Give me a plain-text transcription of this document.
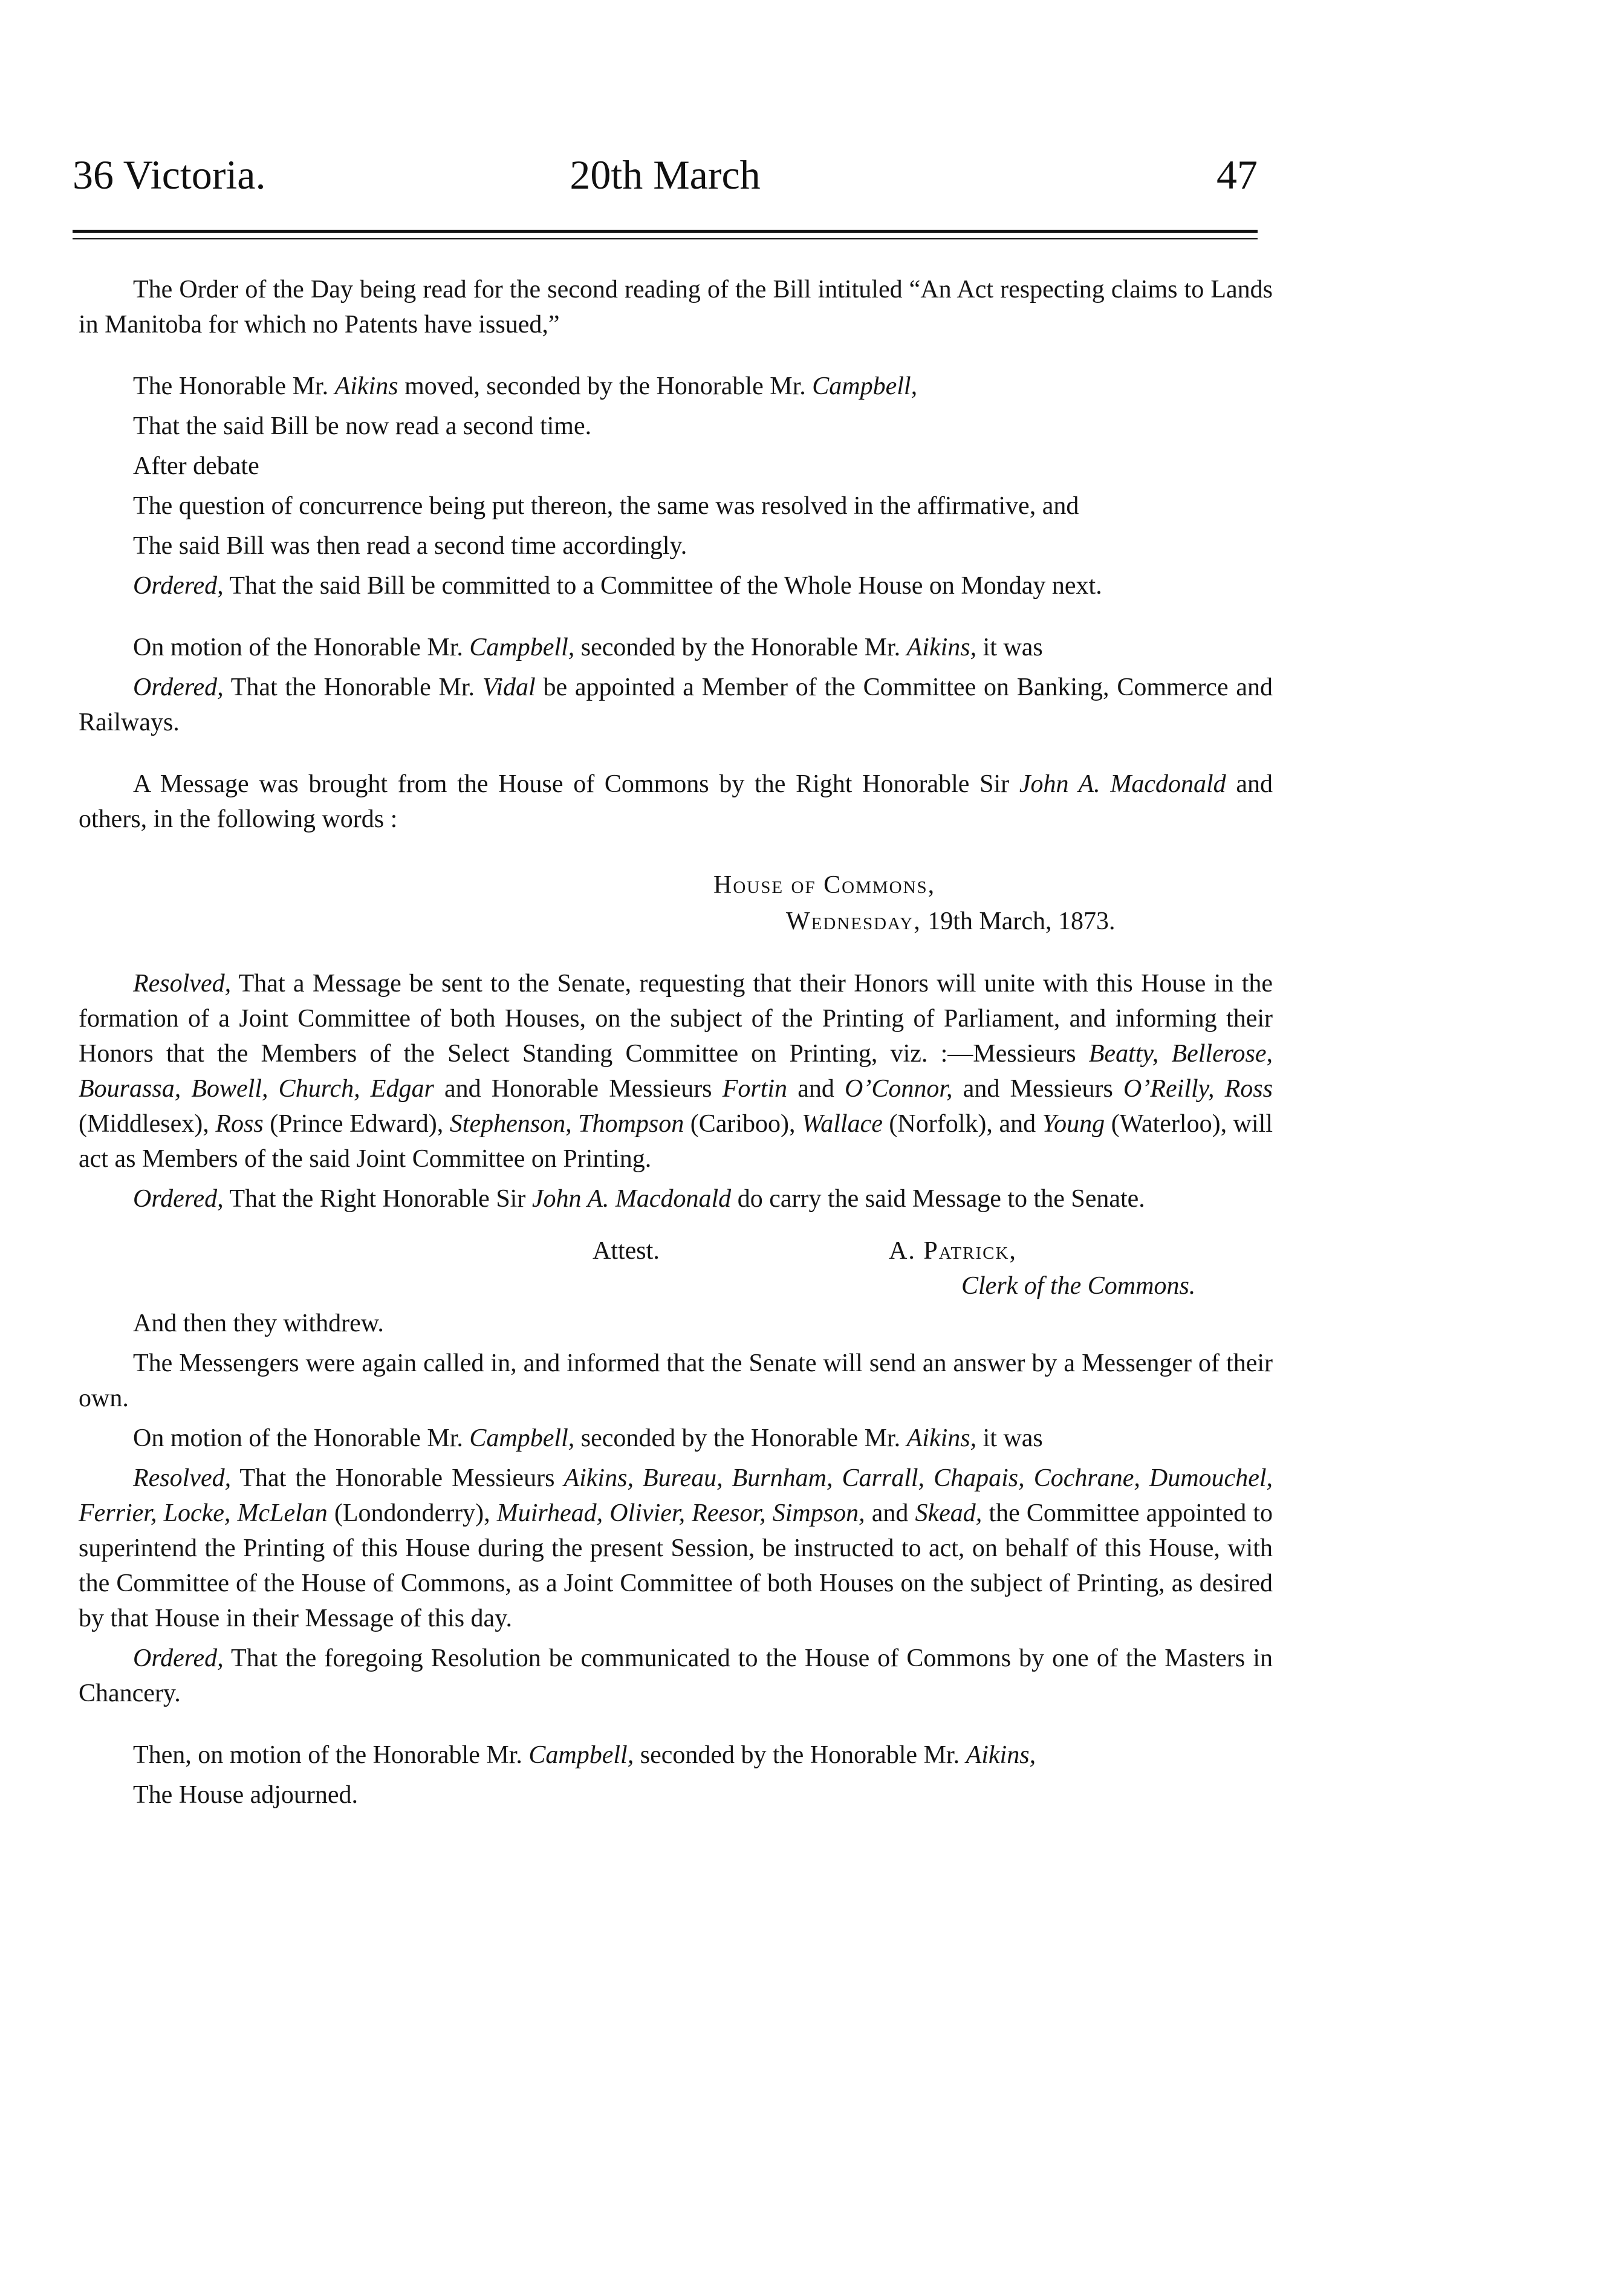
36 Victoria.	20th March	47

The Order of the Day being read for the second reading of the Bill intituled “An Act respecting claims to Lands in Manitoba for which no Patents have issued,”

The Honorable Mr. Aikins moved, seconded by the Honorable Mr. Campbell,

That the said Bill be now read a second time.

After debate

The question of concurrence being put thereon, the same was resolved in the affirmative, and

The said Bill was then read a second time accordingly.

Ordered, That the said Bill be committed to a Committee of the Whole House on Monday next.

On motion of the Honorable Mr. Campbell, seconded by the Honorable Mr. Aikins, it was

Ordered, That the Honorable Mr. Vidal be appointed a Member of the Committee on Banking, Commerce and Railways.

A Message was brought from the House of Commons by the Right Honorable Sir John A. Macdonald and others, in the following words :

House of Commons,
Wednesday, 19th March, 1873.

Resolved, That a Message be sent to the Senate, requesting that their Honors will unite with this House in the formation of a Joint Committee of both Houses, on the subject of the Printing of Parliament, and informing their Honors that the Members of the Select Standing Committee on Printing, viz. :—Messieurs Beatty, Bellerose, Bourassa, Bowell, Church, Edgar and Honorable Messieurs Fortin and O’Connor, and Messieurs O’Reilly, Ross (Middlesex), Ross (Prince Edward), Stephenson, Thompson (Cariboo), Wallace (Norfolk), and Young (Waterloo), will act as Members of the said Joint Committee on Printing.

Ordered, That the Right Honorable Sir John A. Macdonald do carry the said Message to the Senate.

Attest.	A. Patrick,
Clerk of the Commons.

And then they withdrew.

The Messengers were again called in, and informed that the Senate will send an answer by a Messenger of their own.

On motion of the Honorable Mr. Campbell, seconded by the Honorable Mr. Aikins, it was

Resolved, That the Honorable Messieurs Aikins, Bureau, Burnham, Carrall, Chapais, Cochrane, Dumouchel, Ferrier, Locke, McLelan (Londonderry), Muirhead, Olivier, Reesor, Simpson, and Skead, the Committee appointed to superintend the Printing of this House during the present Session, be instructed to act, on behalf of this House, with the Committee of the House of Commons, as a Joint Committee of both Houses on the subject of Printing, as desired by that House in their Message of this day.

Ordered, That the foregoing Resolution be communicated to the House of Commons by one of the Masters in Chancery.

Then, on motion of the Honorable Mr. Campbell, seconded by the Honorable Mr. Aikins,

The House adjourned.
